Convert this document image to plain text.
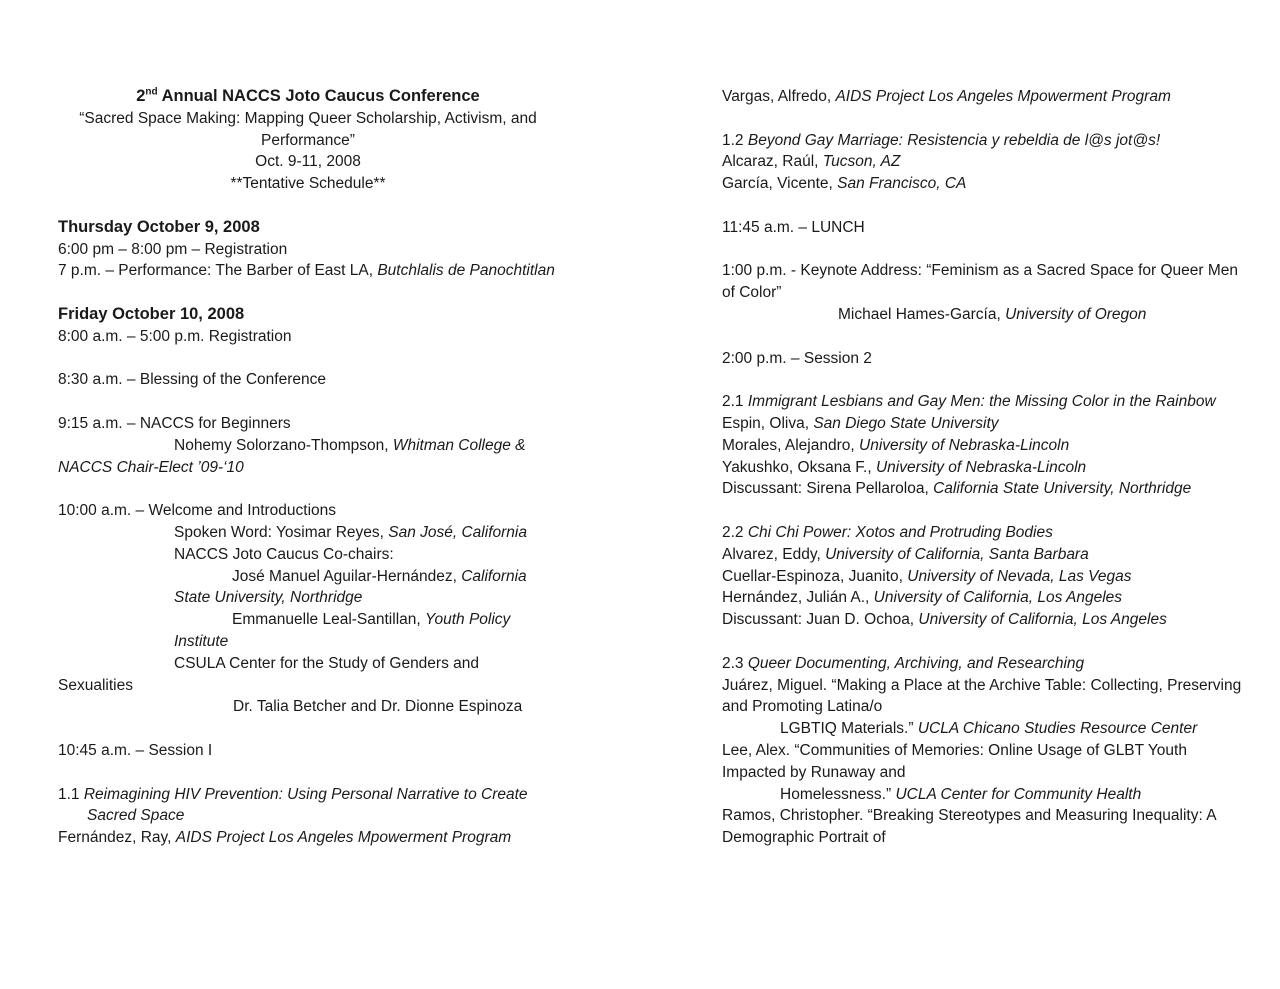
2nd Annual NACCS Joto Caucus Conference

“Sacred Space Making: Mapping Queer Scholarship, Activism, and Performance”

Oct. 9-11, 2008

**Tentative Schedule**

Thursday October 9, 2008

6:00 pm – 8:00 pm – Registration

7 p.m. – Performance: The Barber of East LA, Butchlalis de Panochtitlan

Friday October 10, 2008

8:00 a.m. – 5:00 p.m. Registration

8:30 a.m. – Blessing of the Conference

9:15 a.m. – NACCS for Beginners

Nohemy Solorzano-Thompson, Whitman College & NACCS Chair-Elect ’09-‘10

10:00 a.m. – Welcome and Introductions

Spoken Word: Yosimar Reyes, San José, California

NACCS Joto Caucus Co-chairs:

José Manuel Aguilar-Hernández, California State University, Northridge

Emmanuelle Leal-Santillan, Youth Policy Institute

CSULA Center for the Study of Genders and

Sexualities

Dr. Talia Betcher and Dr. Dionne Espinoza

10:45 a.m. – Session I

1.1 Reimagining HIV Prevention: Using Personal Narrative to Create Sacred Space

Fernández, Ray, AIDS Project Los Angeles Mpowerment Program

Vargas, Alfredo, AIDS Project Los Angeles Mpowerment Program

1.2 Beyond Gay Marriage: Resistencia y rebeldia de l@s jot@s!

Alcaraz, Raúl, Tucson, AZ

García, Vicente, San Francisco, CA

11:45 a.m. – LUNCH

1:00 p.m. - Keynote Address: “Feminism as a Sacred Space for Queer Men of Color”

Michael Hames-García, University of Oregon

2:00 p.m. – Session 2

2.1 Immigrant Lesbians and Gay Men: the Missing Color in the Rainbow

Espin, Oliva, San Diego State University

Morales, Alejandro, University of Nebraska-Lincoln

Yakushko, Oksana F., University of Nebraska-Lincoln

Discussant: Sirena Pellaroloa, California State University, Northridge

2.2 Chi Chi Power: Xotos and Protruding Bodies

Alvarez, Eddy, University of California, Santa Barbara

Cuellar-Espinoza, Juanito, University of Nevada, Las Vegas

Hernández, Julián A., University of California, Los Angeles

Discussant: Juan D. Ochoa, University of California, Los Angeles

2.3 Queer Documenting, Archiving, and Researching

Juárez, Miguel. “Making a Place at the Archive Table: Collecting, Preserving and Promoting Latina/o

LGBTIQ Materials.” UCLA Chicano Studies Resource Center

Lee, Alex. “Communities of Memories: Online Usage of GLBT Youth Impacted by Runaway and

Homelessness.” UCLA Center for Community Health

Ramos, Christopher. “Breaking Stereotypes and Measuring Inequality: A Demographic Portrait of
